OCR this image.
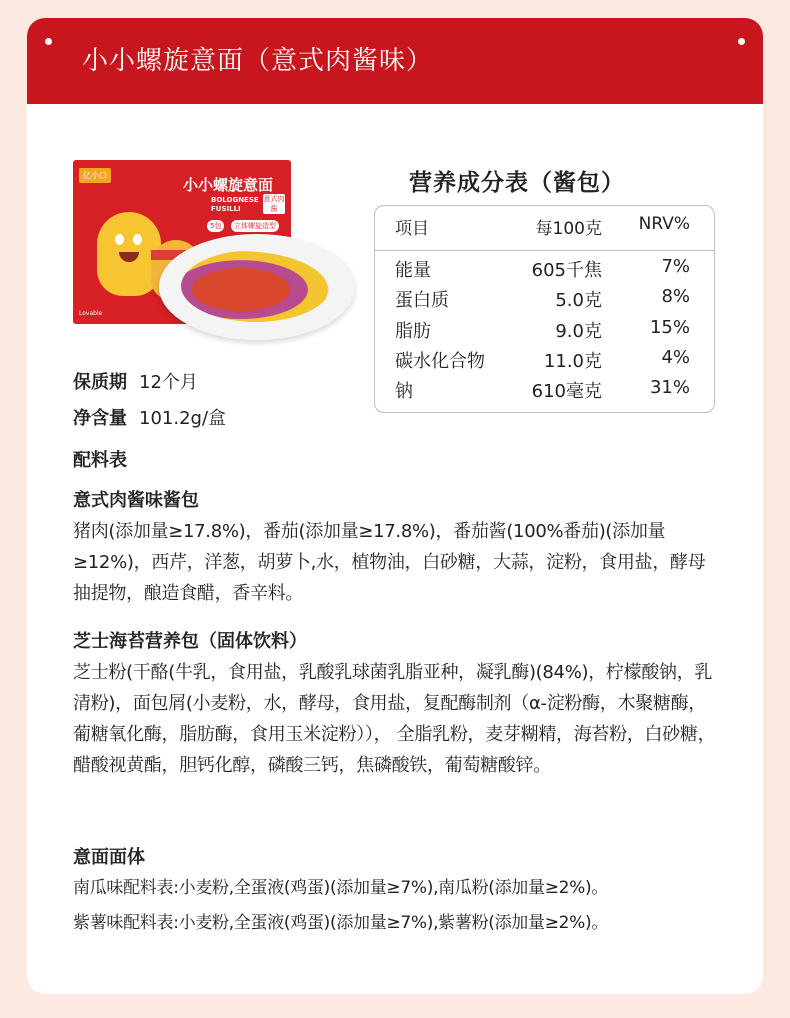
小小螺旋意面（意式肉酱味）
亿小口
小小螺旋意面
BOLOGNESE
FUSILLI
意式肉酱
5包	立体螺旋造型
Lovable
营养成分表（酱包）
项目	每100克 NRV%
能量	605千焦	7%
蛋白质	5.0克	8%
脂肪	9.0克	15%
碳水化合物	11.0克	4%
钠	610毫克	31%
保质期 12个月
净含量 101.2g/盒
配料表
意式肉酱味酱包
猪肉(添加量≥17.8%)，番茄(添加量≥17.8%)，番茄酱(100%番茄)(添加量≥12%)，西芹，洋葱，胡萝卜,水，植物油，白砂糖，大蒜，淀粉，食用盐，酵母抽提物，酿造食醋，香辛料。
芝士海苔营养包（固体饮料）
芝士粉(干酪(牛乳，食用盐，乳酸乳球菌乳脂亚种，凝乳酶)(84%)，柠檬酸钠，乳清粉)，面包屑(小麦粉，水，酵母，食用盐，复配酶制剂（α-淀粉酶，木聚糖酶，葡糖氧化酶，脂肪酶，食用玉米淀粉））， 全脂乳粉，麦芽糊精，海苔粉，白砂糖，醋酸视黄酯，胆钙化醇，磷酸三钙，焦磷酸铁，葡萄糖酸锌。
意面面体
南瓜味配料表:小麦粉,全蛋液(鸡蛋)(添加量≥7%),南瓜粉(添加量≥2%)。
紫薯味配料表:小麦粉,全蛋液(鸡蛋)(添加量≥7%),紫薯粉(添加量≥2%)。
